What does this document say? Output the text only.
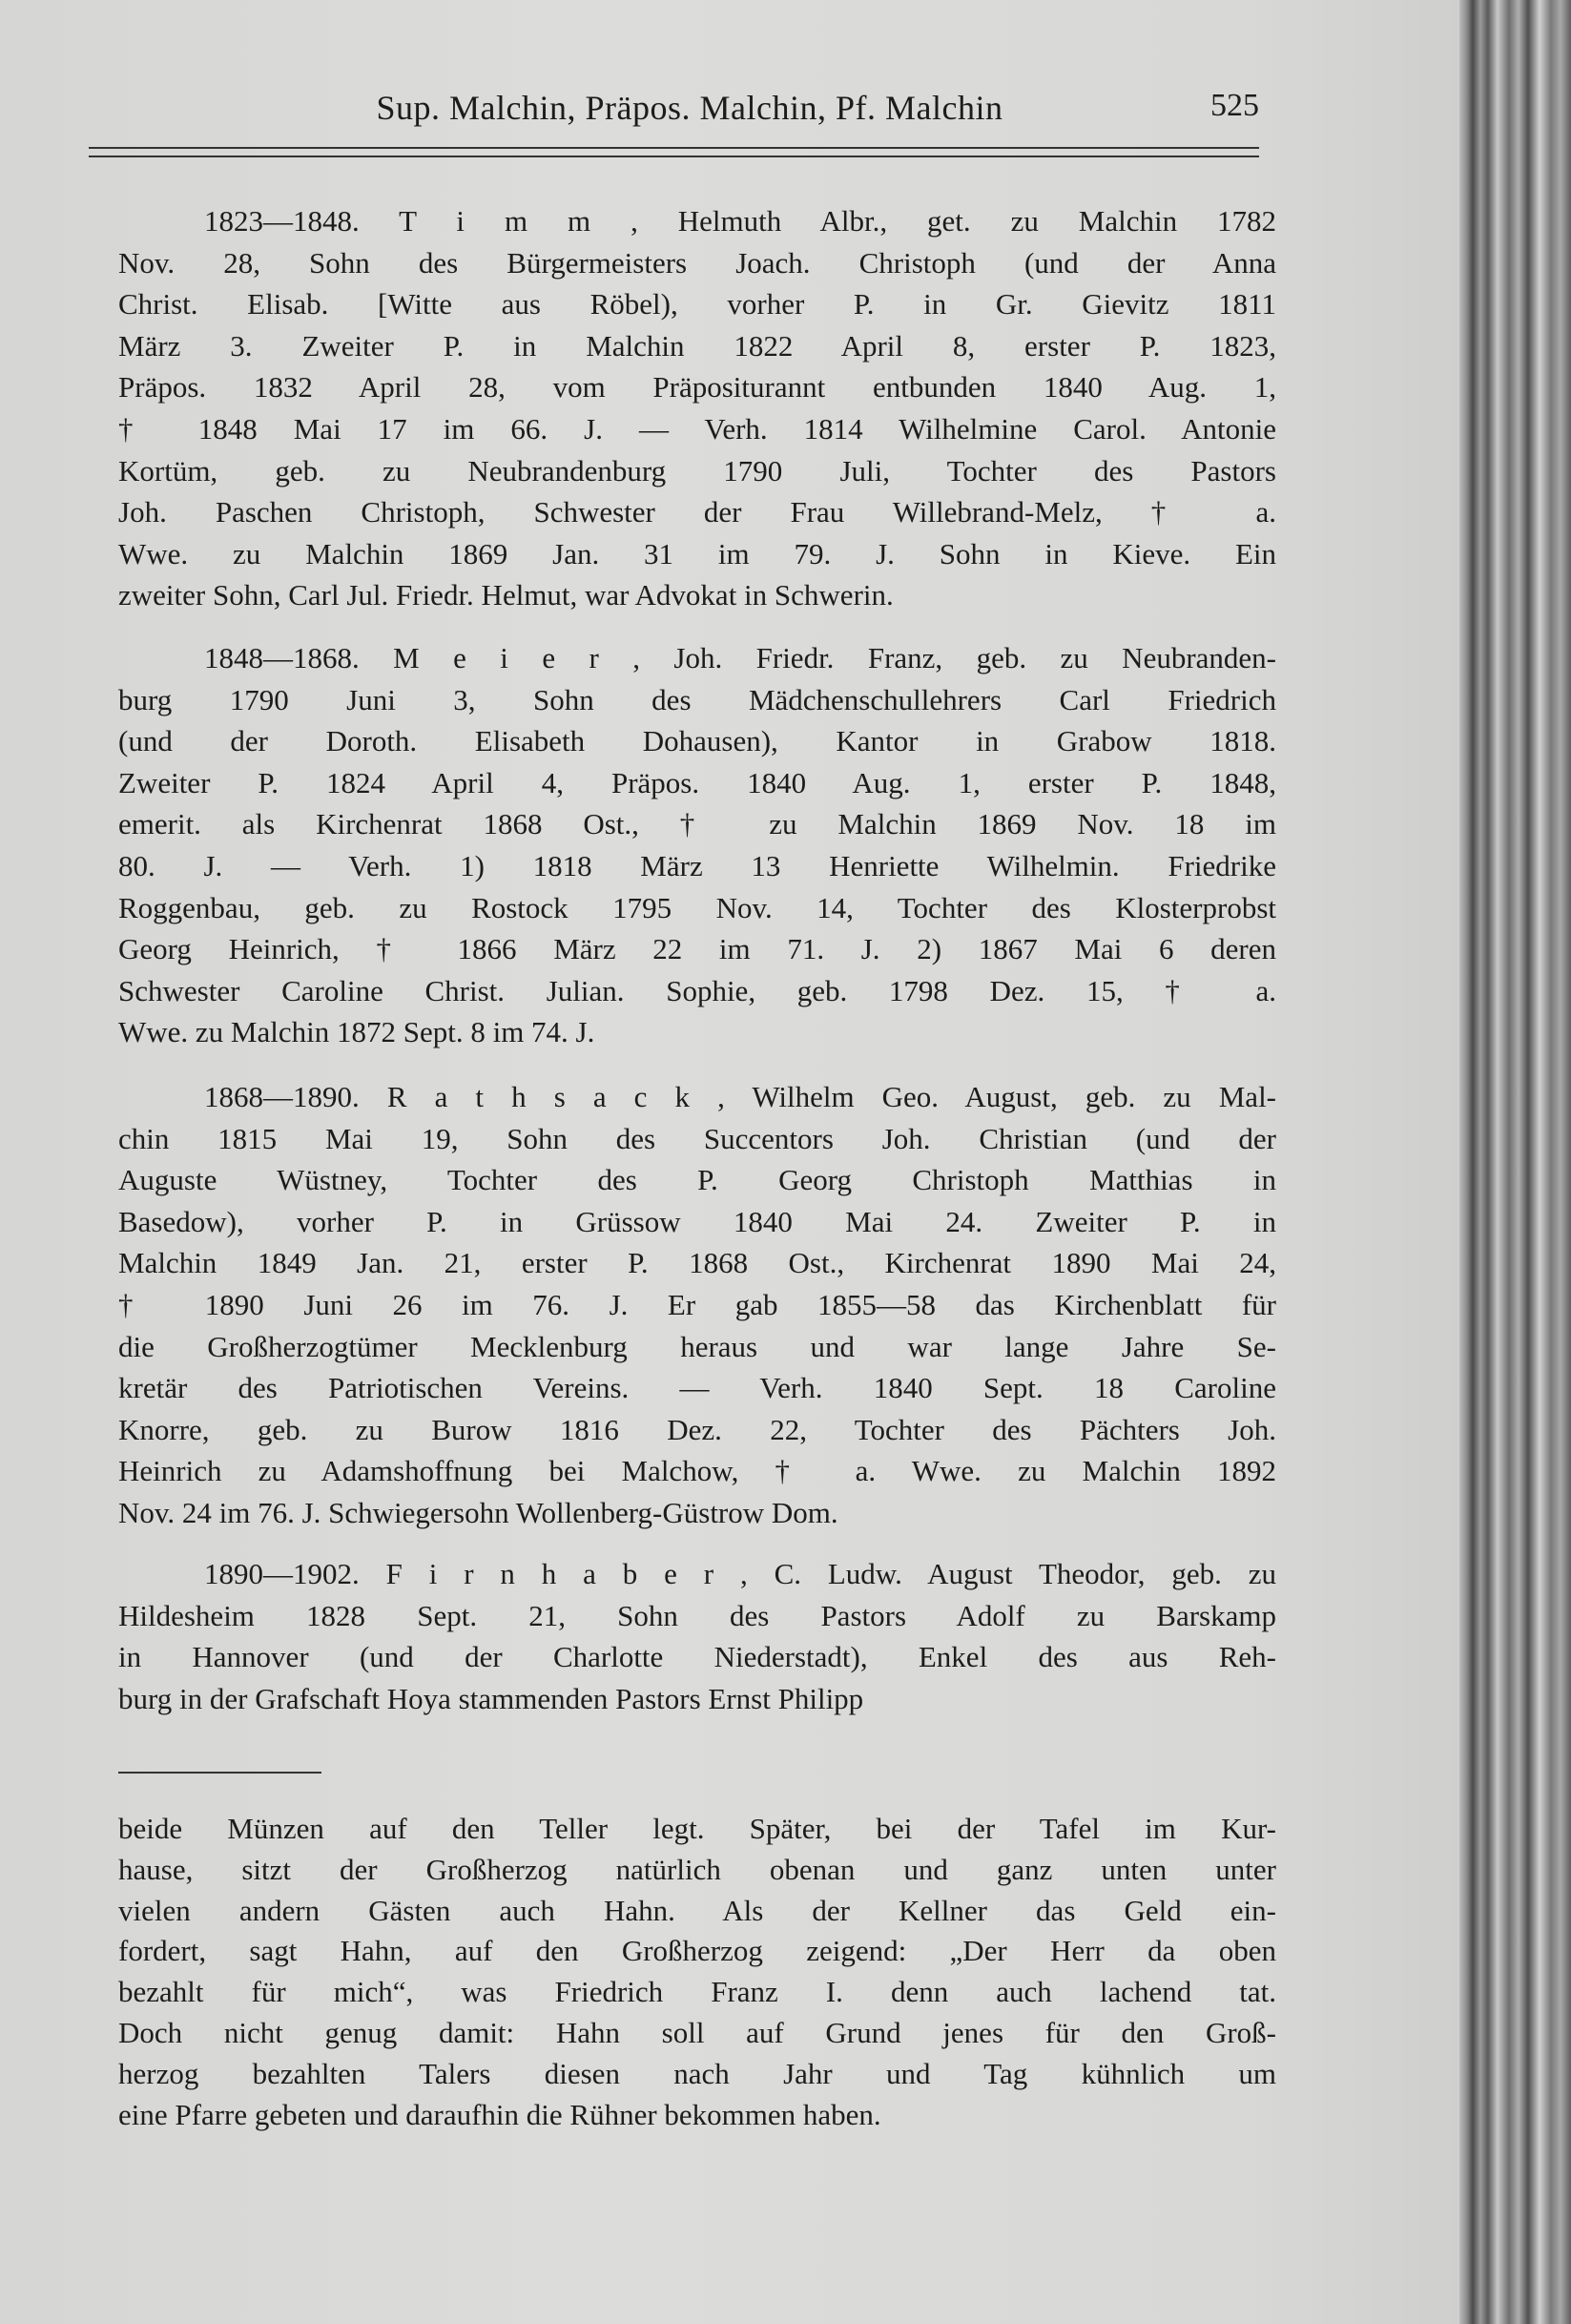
Sup. Malchin, Präpos. Malchin, Pf. Malchin	525
1823—1848. T i m m , Helmuth Albr., get. zu Malchin 1782
Nov. 28, Sohn des Bürgermeisters Joach. Christoph (und der Anna
Christ. Elisab. [Witte aus Röbel), vorher P. in Gr. Gievitz 1811
März 3. Zweiter P. in Malchin 1822 April 8, erster P. 1823,
Präpos. 1832 April 28, vom Präpositurannt entbunden 1840 Aug. 1,
† 1848 Mai 17 im 66. J. — Verh. 1814 Wilhelmine Carol. Antonie
Kortüm, geb. zu Neubrandenburg 1790 Juli, Tochter des Pastors
Joh. Paschen Christoph, Schwester der Frau Willebrand-Melz, † a.
Wwe. zu Malchin 1869 Jan. 31 im 79. J. Sohn in Kieve. Ein
zweiter Sohn, Carl Jul. Friedr. Helmut, war Advokat in Schwerin.
1848—1868. M e i e r , Joh. Friedr. Franz, geb. zu Neubranden-
burg 1790 Juni 3, Sohn des Mädchenschullehrers Carl Friedrich
(und der Doroth. Elisabeth Dohausen), Kantor in Grabow 1818.
Zweiter P. 1824 April 4, Präpos. 1840 Aug. 1, erster P. 1848,
emerit. als Kirchenrat 1868 Ost., † zu Malchin 1869 Nov. 18 im
80. J. — Verh. 1) 1818 März 13 Henriette Wilhelmin. Friedrike
Roggenbau, geb. zu Rostock 1795 Nov. 14, Tochter des Klosterprobst
Georg Heinrich, † 1866 März 22 im 71. J. 2) 1867 Mai 6 deren
Schwester Caroline Christ. Julian. Sophie, geb. 1798 Dez. 15, † a.
Wwe. zu Malchin 1872 Sept. 8 im 74. J.
1868—1890. R a t h s a c k , Wilhelm Geo. August, geb. zu Mal-
chin 1815 Mai 19, Sohn des Succentors Joh. Christian (und der
Auguste Wüstney, Tochter des P. Georg Christoph Matthias in
Basedow), vorher P. in Grüssow 1840 Mai 24. Zweiter P. in
Malchin 1849 Jan. 21, erster P. 1868 Ost., Kirchenrat 1890 Mai 24,
† 1890 Juni 26 im 76. J. Er gab 1855—58 das Kirchenblatt für
die Großherzogtümer Mecklenburg heraus und war lange Jahre Se-
kretär des Patriotischen Vereins. — Verh. 1840 Sept. 18 Caroline
Knorre, geb. zu Burow 1816 Dez. 22, Tochter des Pächters Joh.
Heinrich zu Adamshoffnung bei Malchow, † a. Wwe. zu Malchin 1892
Nov. 24 im 76. J. Schwiegersohn Wollenberg-Güstrow Dom.
1890—1902. F i r n h a b e r , C. Ludw. August Theodor, geb. zu
Hildesheim 1828 Sept. 21, Sohn des Pastors Adolf zu Barskamp
in Hannover (und der Charlotte Niederstadt), Enkel des aus Reh-
burg in der Grafschaft Hoya stammenden Pastors Ernst Philipp
beide Münzen auf den Teller legt. Später, bei der Tafel im Kur-
hause, sitzt der Großherzog natürlich obenan und ganz unten unter
vielen andern Gästen auch Hahn. Als der Kellner das Geld ein-
fordert, sagt Hahn, auf den Großherzog zeigend: „Der Herr da oben
bezahlt für mich“, was Friedrich Franz I. denn auch lachend tat.
Doch nicht genug damit: Hahn soll auf Grund jenes für den Groß-
herzog bezahlten Talers diesen nach Jahr und Tag kühnlich um
eine Pfarre gebeten und daraufhin die Rühner bekommen haben.
